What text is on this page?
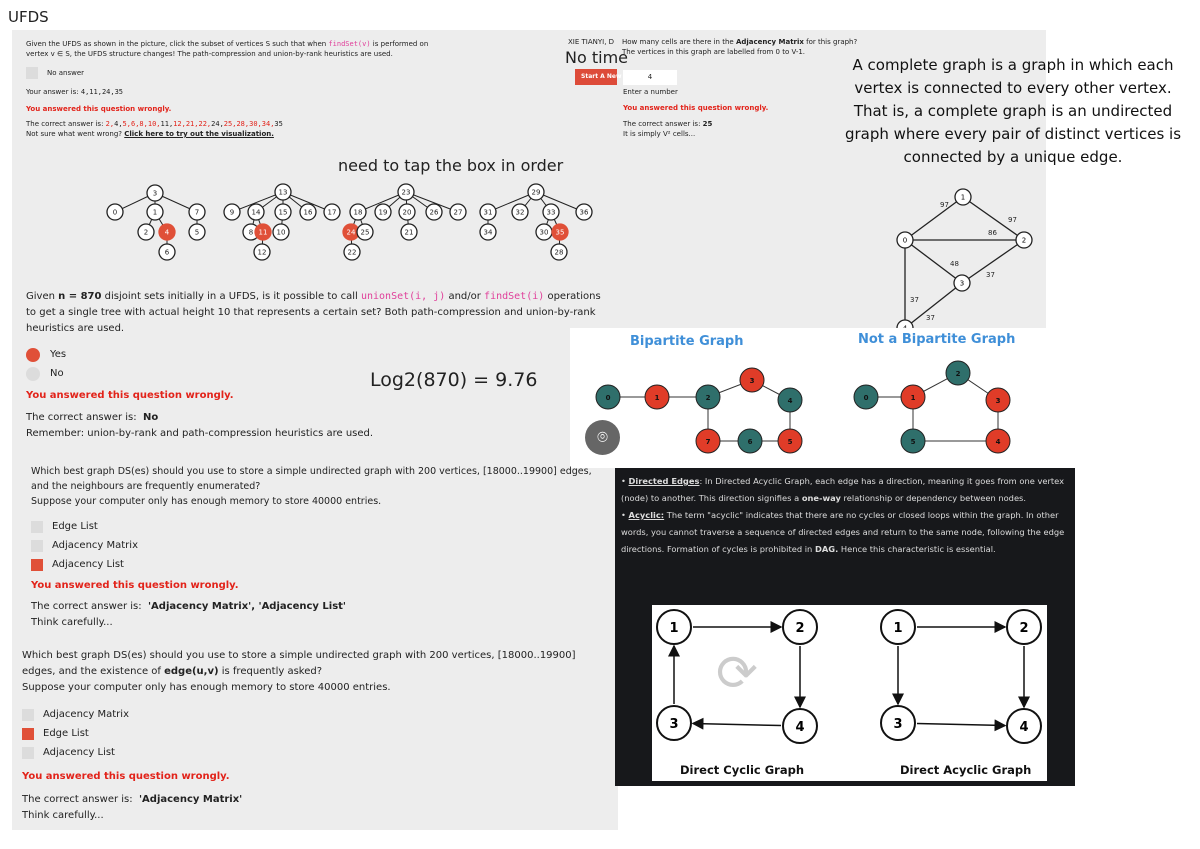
UFDS
Given the UFDS as shown in the picture, click the subset of vertices S such that when findSet(v) is performed on vertex v ∈ S, the UFDS structure changes! The path-compression and union-by-rank heuristics are used.
No answer
Your answer is: 4,11,24,35
You answered this question wrongly.
The correct answer is: 2,4,5,6,8,10,11,12,21,22,24,25,28,30,34,35
Not sure what went wrong? Click here to try out the visualization.
need to tap the box in order
3
0	1	7
2 4	5
6
13
9 14	15 16 17
8 11 10
12
23
18 19 20	26 27
24 25	21
22
29
31	32	33	36
34	30 35
28
XIE TIANYI, D
No time
Start A New
How many cells are there in the Adjacency Matrix for this graph?
The vertices in this graph are labelled from 0 to V-1.
4
Enter a number
You answered this question wrongly.
The correct answer is: 25
It is simply V² cells...
A complete graph is a graph in which each vertex is connected to every other vertex. That is, a complete graph is an undirected graph where every pair of distinct vertices is connected by a unique edge.
97
97
86
48
37
37
37
0
1
2
3
Given n = 870 disjoint sets initially in a UFDS, is it possible to call unionSet(i, j) and/or findSet(i) operations to get a single tree with actual height 10 that represents a certain set? Both path-compression and union-by-rank heuristics are used.
Yes
No
You answered this question wrongly.
The correct answer is: No
Remember: union-by-rank and path-compression heuristics are used.
Log2(870) = 9.76
Bipartite Graph	Not a Bipartite Graph
0	1	2
3
4
5
6
7
0	1
2
3
4
5
⌾
Which best graph DS(es) should you use to store a simple undirected graph with 200 vertices, [18000..19900] edges, and the neighbours are frequently enumerated?
Suppose your computer only has enough memory to store 40000 entries.
Edge List
Adjacency Matrix
Adjacency List
You answered this question wrongly.
The correct answer is: 'Adjacency Matrix', 'Adjacency List'
Think carefully...
Which best graph DS(es) should you use to store a simple undirected graph with 200 vertices, [18000..19900] edges, and the existence of edge(u,v) is frequently asked?
Suppose your computer only has enough memory to store 40000 entries.
Adjacency Matrix
Edge List
Adjacency List
You answered this question wrongly.
The correct answer is: 'Adjacency Matrix'
Think carefully...
• Directed Edges: In Directed Acyclic Graph, each edge has a direction, meaning it goes from one vertex (node) to another. This direction signifies a one-way relationship or dependency between nodes.
• Acyclic: The term "acyclic" indicates that there are no cycles or closed loops within the graph. In other words, you cannot traverse a sequence of directed edges and return to the same node, following the edge directions. Formation of cycles is prohibited in DAG. Hence this characteristic is essential.
⟳
1	2
3	4
1	2
3	4
Direct Cyclic Graph	Direct Acyclic Graph
